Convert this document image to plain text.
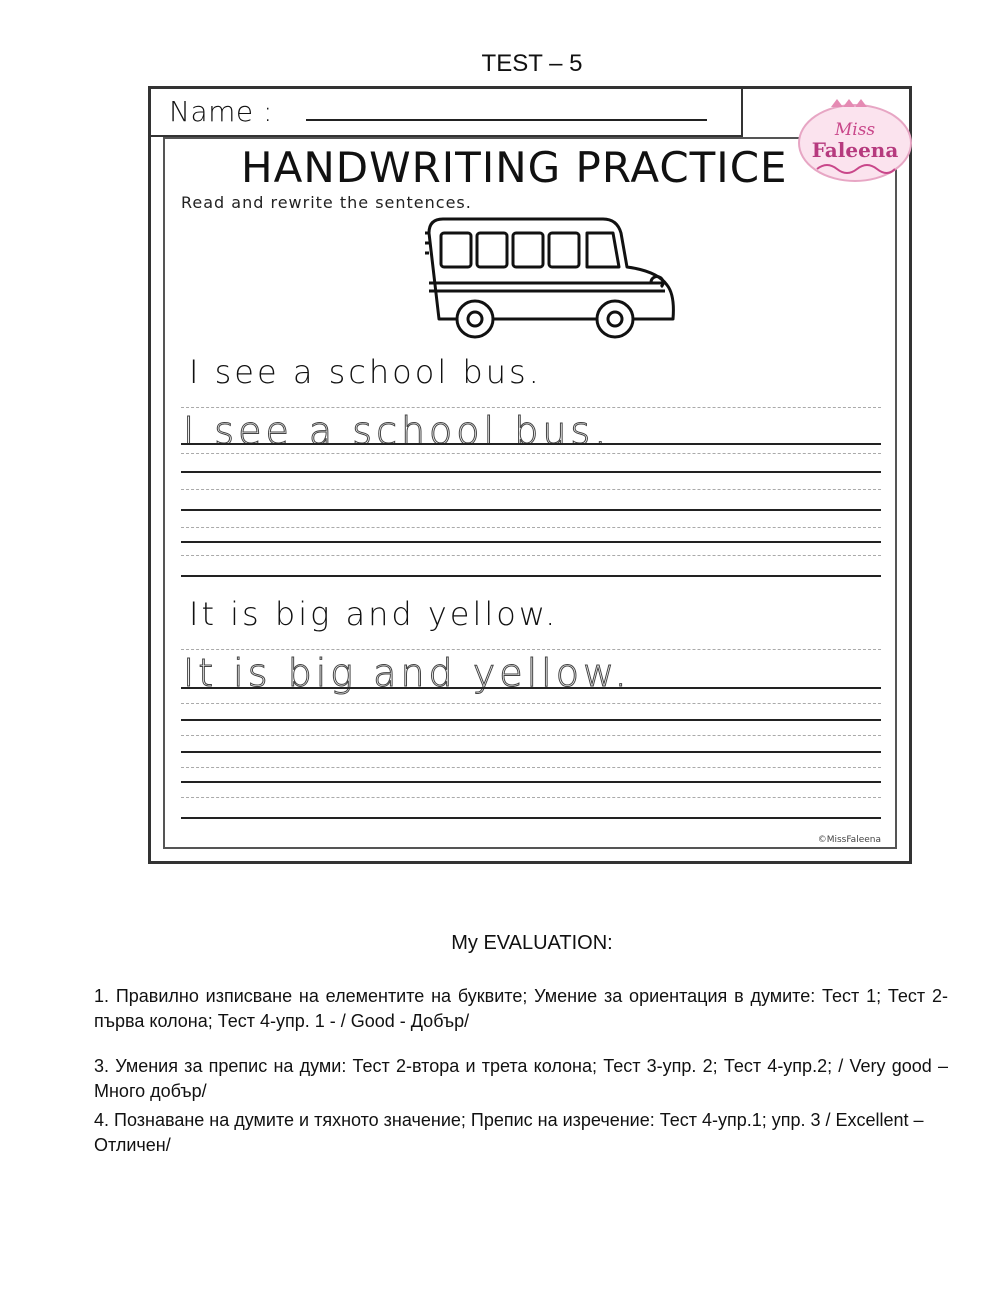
TEST – 5
Name :
Miss
Faleena
HANDWRITING PRACTICE
Read and rewrite the sentences.
I see a school bus.
I see a school bus.
It is big and yellow.
It is big and yellow.
©MissFaleena
My EVALUATION:
1. Правилно изписване на елементите на буквите; Умение за ориентация в думите: Тест 1; Тест 2-първа колона; Тест 4-упр. 1 - / Good - Добър/
3. Умения за препис на думи: Тест 2-втора и трета колона; Тест 3-упр. 2; Тест 4-упр.2; / Very good – Много добър/
4. Познаване на думите и тяхното значение; Препис на изречение: Тест 4-упр.1; упр. 3 / Excellent – Отличен/
